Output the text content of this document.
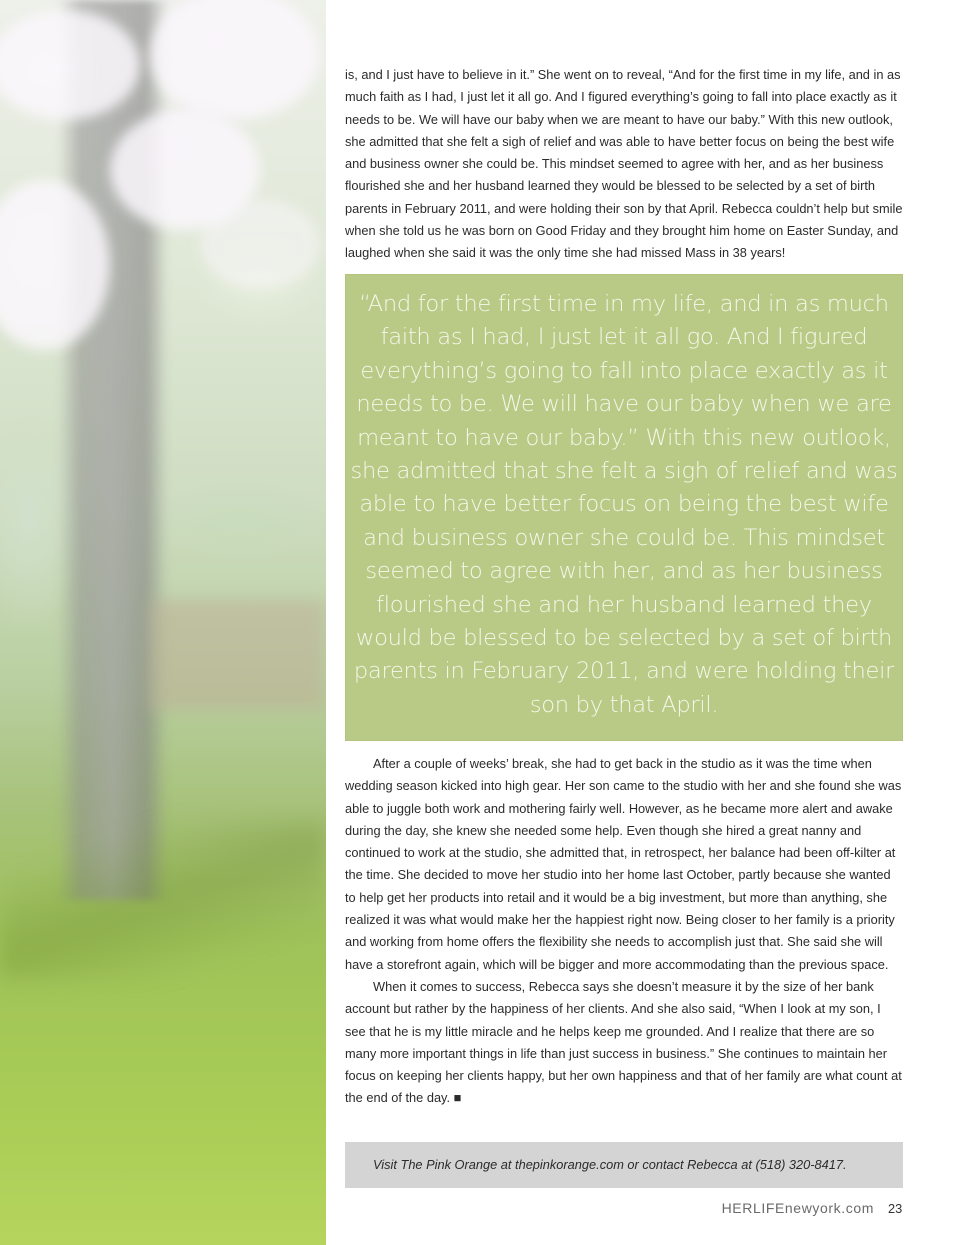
is, and I just have to believe in it.” She went on to reveal, “And for the first time in my life, and in as much faith as I had, I just let it all go. And I figured everything’s going to fall into place exactly as it needs to be. We will have our baby when we are meant to have our baby.” With this new outlook, she admitted that she felt a sigh of relief and was able to have better focus on being the best wife and business owner she could be. This mindset seemed to agree with her, and as her business flourished she and her husband learned they would be blessed to be selected by a set of birth parents in February 2011, and were holding their son by that April. Rebecca couldn’t help but smile when she told us he was born on Good Friday and they brought him home on Easter Sunday, and laughed when she said it was the only time she had missed Mass in 38 years!

“And for the first time in my life, and in as much faith as I had, I just let it all go. And I figured everything’s going to fall into place exactly as it needs to be. We will have our baby when we are meant to have our baby.” With this new outlook, she admitted that she felt a sigh of relief and was able to have better focus on being the best wife and business owner she could be. This mindset seemed to agree with her, and as her business flourished she and her husband learned they would be blessed to be selected by a set of birth parents in February 2011, and were holding their son by that April.

After a couple of weeks’ break, she had to get back in the studio as it was the time when wedding season kicked into high gear. Her son came to the studio with her and she found she was able to juggle both work and mothering fairly well. However, as he became more alert and awake during the day, she knew she needed some help. Even though she hired a great nanny and continued to work at the studio, she admitted that, in retrospect, her balance had been off-kilter at the time. She decided to move her studio into her home last October, partly because she wanted to help get her products into retail and it would be a big investment, but more than anything, she realized it was what would make her the happiest right now. Being closer to her family is a priority and working from home offers the flexibility she needs to accomplish just that. She said she will have a storefront again, which will be bigger and more accommodating than the previous space.

When it comes to success, Rebecca says she doesn’t measure it by the size of her bank account but rather by the happiness of her clients. And she also said, “When I look at my son, I see that he is my little miracle and he helps keep me grounded. And I realize that there are so many more important things in life than just success in business.” She continues to maintain her focus on keeping her clients happy, but her own happiness and that of her family are what count at the end of the day. ■

Visit The Pink Orange at thepinkorange.com or contact Rebecca at (518) 320-8417.

HERLIFEnewyork.com 23
